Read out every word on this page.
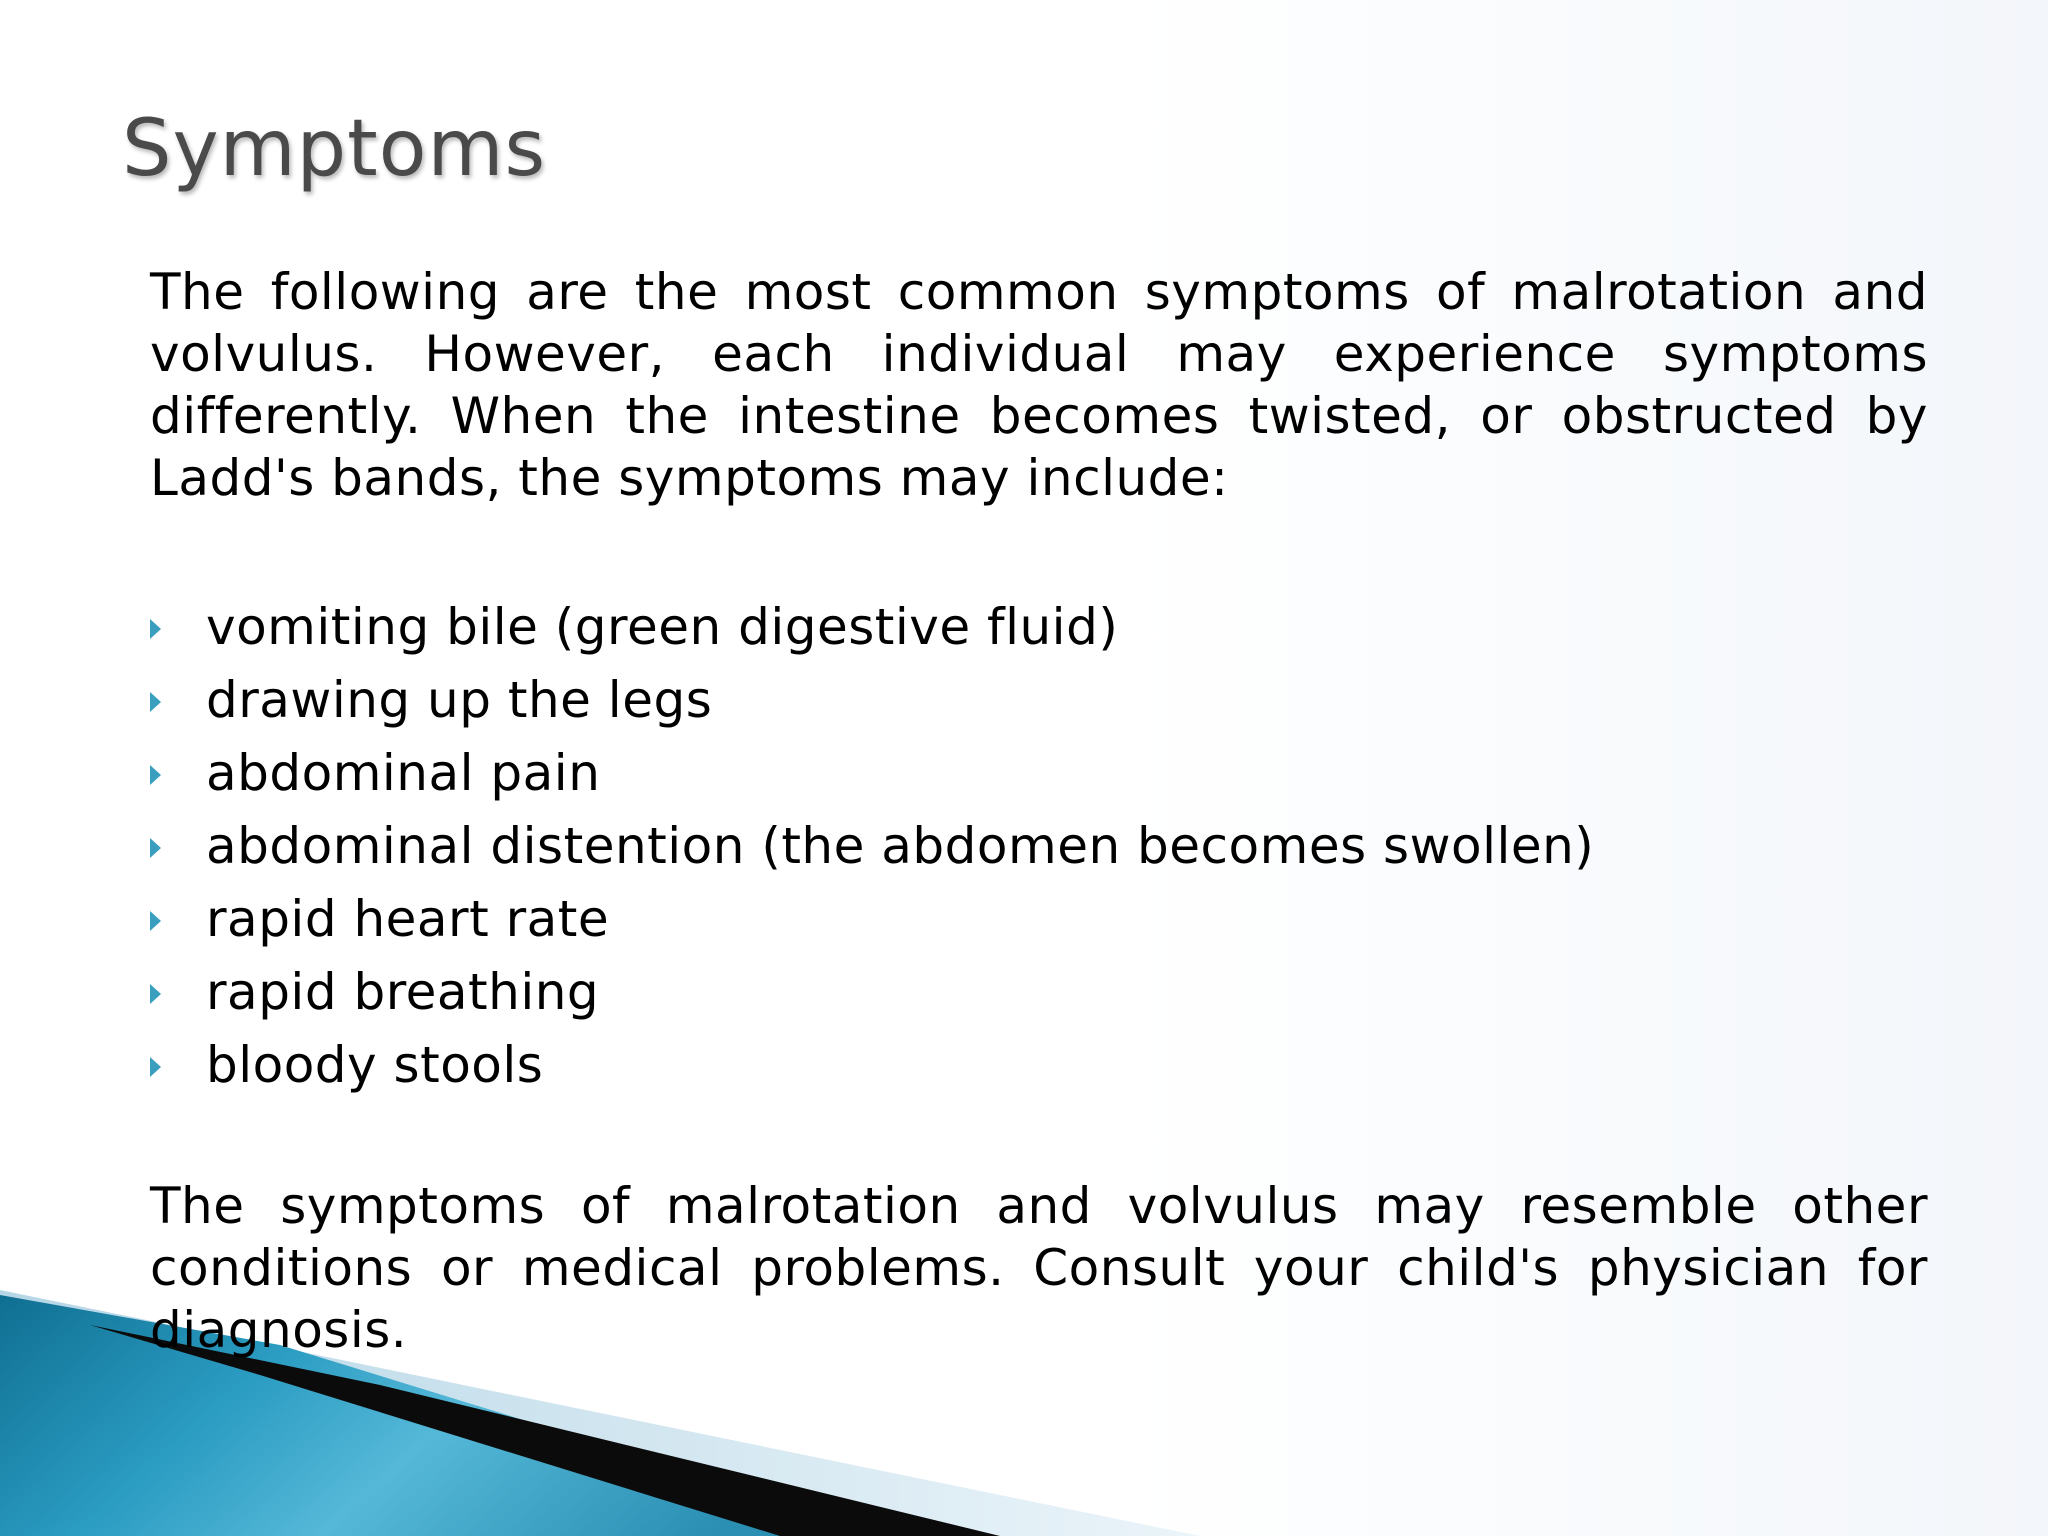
Symptoms

The following are the most common symptoms of malrotation and volvulus. However, each individual may experience symptoms differently. When the intestine becomes twisted, or obstructed by Ladd's bands, the symptoms may include:

vomiting bile (green digestive fluid)
drawing up the legs
abdominal pain
abdominal distention (the abdomen becomes swollen)
rapid heart rate
rapid breathing
bloody stools

The symptoms of malrotation and volvulus may resemble other conditions or medical problems. Consult your child's physician for diagnosis.
